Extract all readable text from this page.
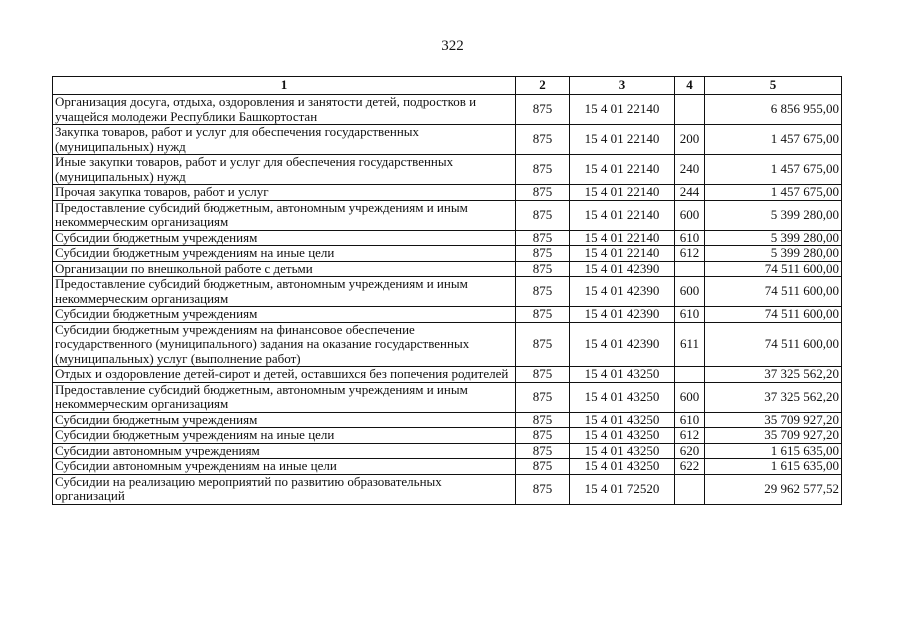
322
1	2	3	4	5
Организация досуга, отдыха, оздоровления и занятости детей, подростков и учащейся молодежи Республики Башкортостан	875	15 4 01 22140		6 856 955,00
Закупка товаров, работ и услуг для обеспечения государственных (муниципальных) нужд	875	15 4 01 22140	200	1 457 675,00
Иные закупки товаров, работ и услуг для обеспечения государственных (муниципальных) нужд	875	15 4 01 22140	240	1 457 675,00
Прочая закупка товаров, работ и услуг	875	15 4 01 22140	244	1 457 675,00
Предоставление субсидий бюджетным, автономным учреждениям и иным некоммерческим организациям	875	15 4 01 22140	600	5 399 280,00
Субсидии бюджетным учреждениям	875	15 4 01 22140	610	5 399 280,00
Субсидии бюджетным учреждениям на иные цели	875	15 4 01 22140	612	5 399 280,00
Организации по внешкольной работе с детьми	875	15 4 01 42390		74 511 600,00
Предоставление субсидий бюджетным, автономным учреждениям и иным некоммерческим организациям	875	15 4 01 42390	600	74 511 600,00
Субсидии бюджетным учреждениям	875	15 4 01 42390	610	74 511 600,00
Субсидии бюджетным учреждениям на финансовое обеспечение государственного (муниципального) задания на оказание государственных (муниципальных) услуг (выполнение работ)	875	15 4 01 42390	611	74 511 600,00
Отдых и оздоровление детей-сирот и детей, оставшихся без попечения родителей	875	15 4 01 43250		37 325 562,20
Предоставление субсидий бюджетным, автономным учреждениям и иным некоммерческим организациям	875	15 4 01 43250	600	37 325 562,20
Субсидии бюджетным учреждениям	875	15 4 01 43250	610	35 709 927,20
Субсидии бюджетным учреждениям на иные цели	875	15 4 01 43250	612	35 709 927,20
Субсидии автономным учреждениям	875	15 4 01 43250	620	1 615 635,00
Субсидии автономным учреждениям на иные цели	875	15 4 01 43250	622	1 615 635,00
Субсидии на реализацию мероприятий по развитию образовательных организаций	875	15 4 01 72520		29 962 577,52
